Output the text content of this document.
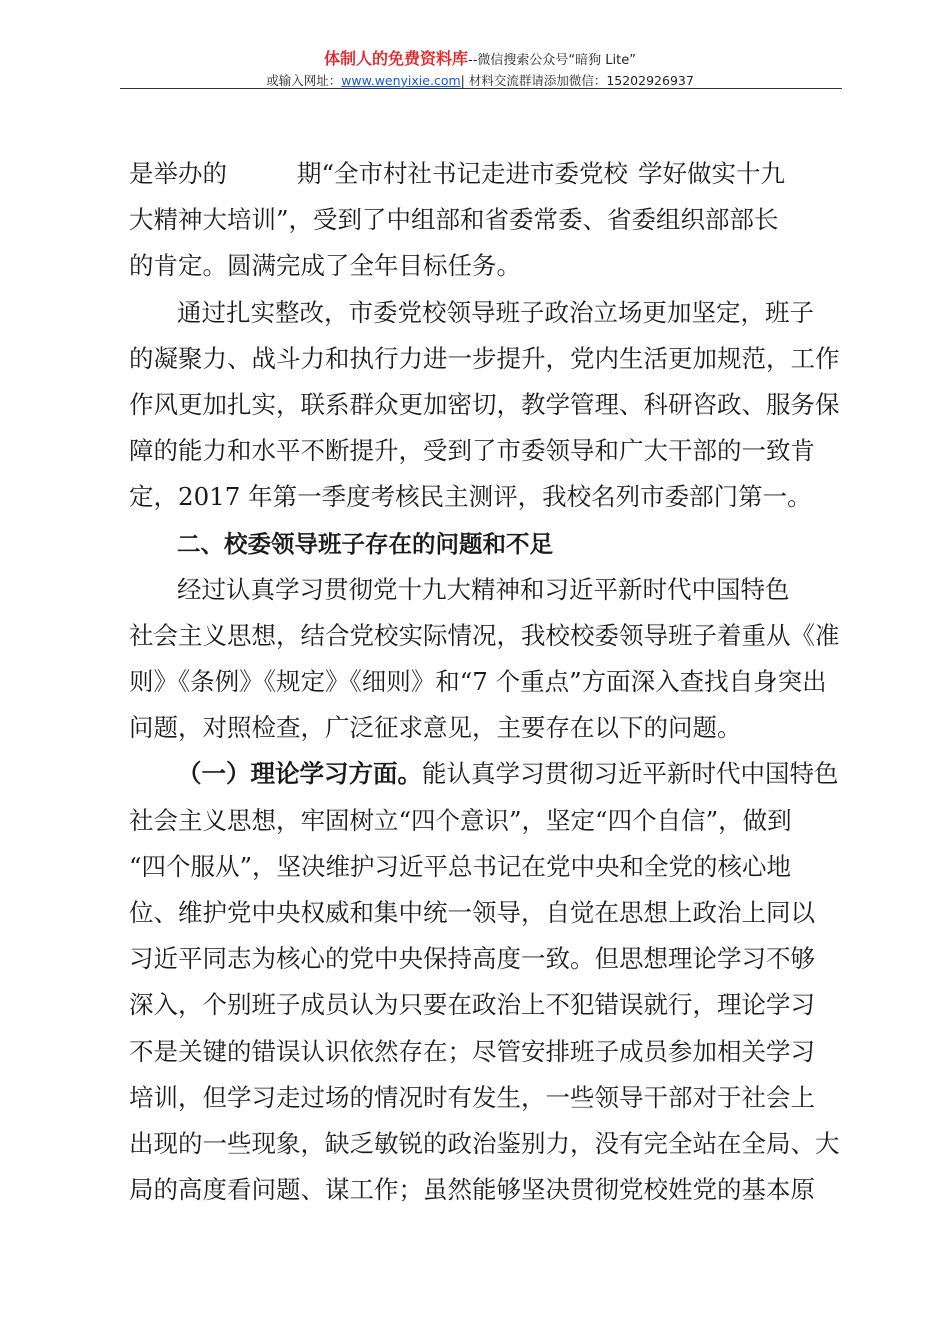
体制人的免费资料库--微信搜索公众号“暗狗 Lite”
或输入网址：www.wenyixie.com| 材料交流群请添加微信：15202926937
是举办的	期“全市村社书记走进市委党校 学好做实十九
大精神大培训”，受到了中组部和省委常委、省委组织部部长
的肯定。圆满完成了全年目标任务。
通过扎实整改，市委党校领导班子政治立场更加坚定，班子
的凝聚力、战斗力和执行力进一步提升，党内生活更加规范，工作
作风更加扎实，联系群众更加密切，教学管理、科研咨政、服务保
障的能力和水平不断提升，受到了市委领导和广大干部的一致肯
定，2017 年第一季度考核民主测评，我校名列市委部门第一。
二、校委领导班子存在的问题和不足
经过认真学习贯彻党十九大精神和习近平新时代中国特色
社会主义思想，结合党校实际情况，我校校委领导班子着重从《准
则》《条例》《规定》《细则》和“7 个重点”方面深入查找自身突出
问题，对照检查，广泛征求意见，主要存在以下的问题。
（一）理论学习方面。能认真学习贯彻习近平新时代中国特色
社会主义思想，牢固树立“四个意识”，坚定“四个自信”，做到
“四个服从”，坚决维护习近平总书记在党中央和全党的核心地
位、维护党中央权威和集中统一领导，自觉在思想上政治上同以
习近平同志为核心的党中央保持高度一致。但思想理论学习不够
深入，个别班子成员认为只要在政治上不犯错误就行，理论学习
不是关键的错误认识依然存在；尽管安排班子成员参加相关学习
培训，但学习走过场的情况时有发生，一些领导干部对于社会上
出现的一些现象，缺乏敏锐的政治鉴别力，没有完全站在全局、大
局的高度看问题、谋工作；虽然能够坚决贯彻党校姓党的基本原
